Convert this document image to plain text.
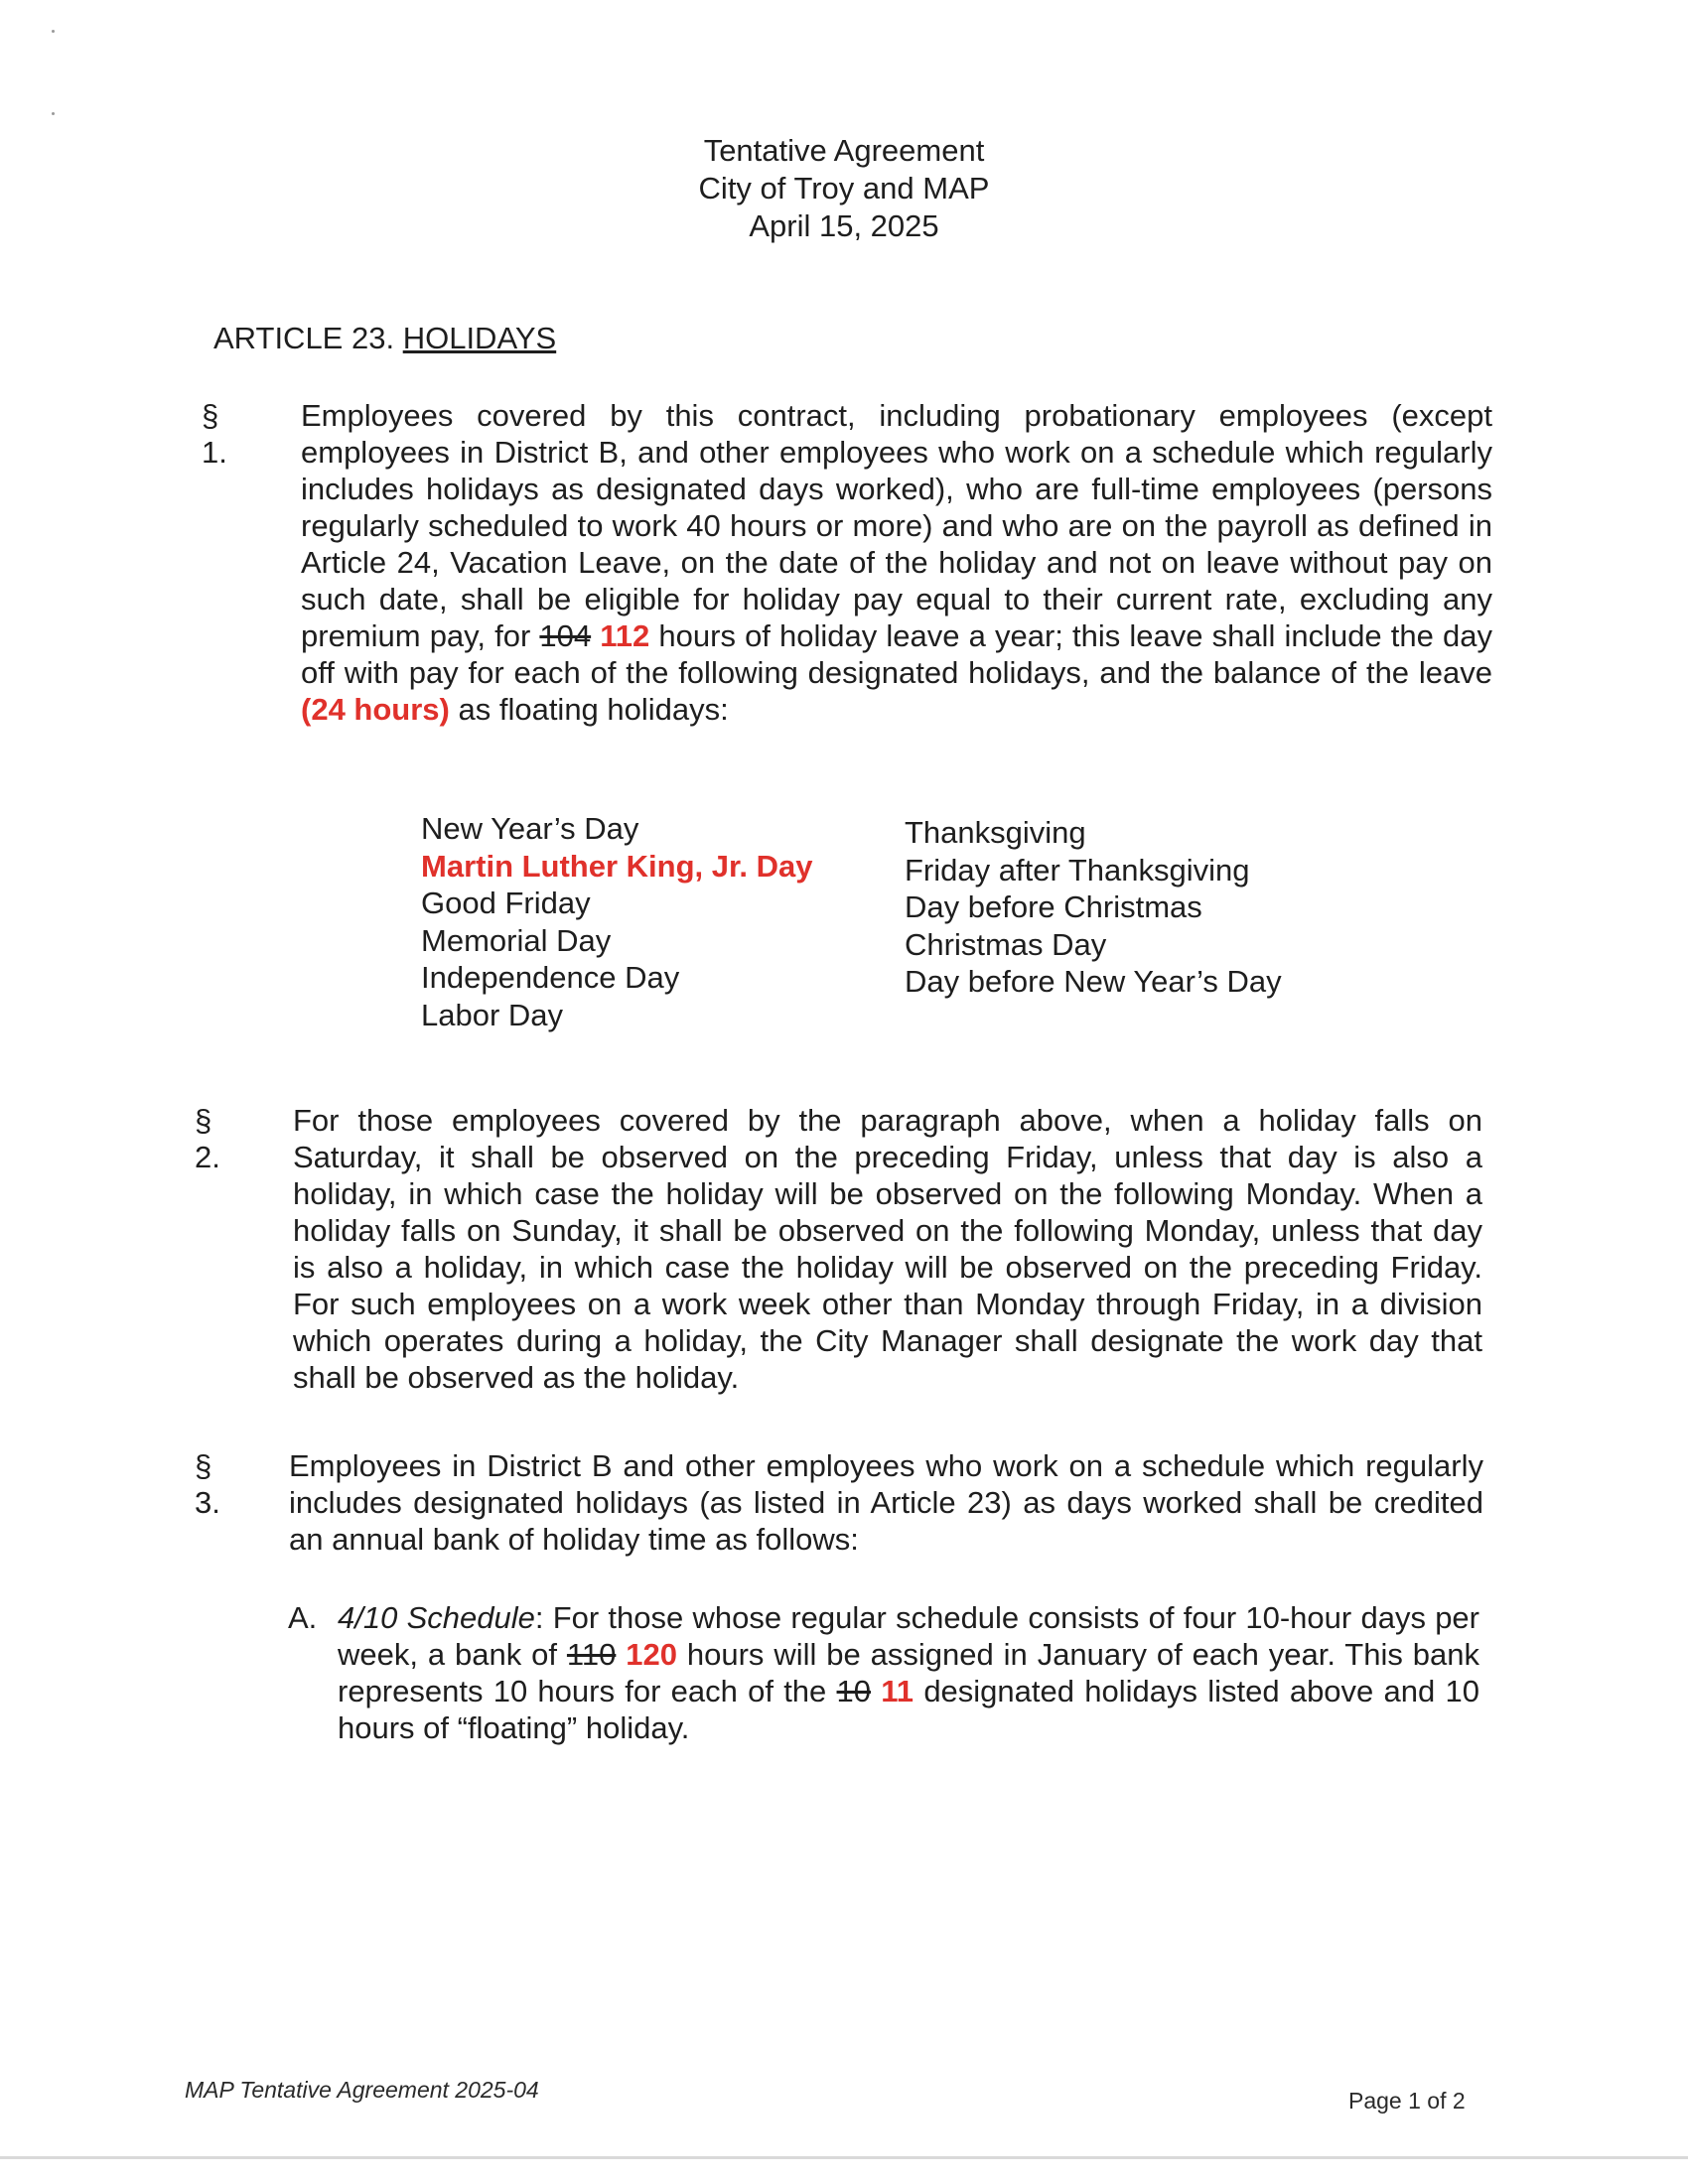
Tentative Agreement
City of Troy and MAP
April 15, 2025
ARTICLE 23. HOLIDAYS
§ 1.
Employees covered by this contract, including probationary employees (except employees in District B, and other employees who work on a schedule which regularly includes holidays as designated days worked), who are full-time employees (persons regularly scheduled to work 40 hours or more) and who are on the payroll as defined in Article 24, Vacation Leave, on the date of the holiday and not on leave without pay on such date, shall be eligible for holiday pay equal to their current rate, excluding any premium pay, for 104 112 hours of holiday leave a year; this leave shall include the day off with pay for each of the following designated holidays, and the balance of the leave (24 hours) as floating holidays:
New Year’s Day
Martin Luther King, Jr. Day
Good Friday
Memorial Day
Independence Day
Labor Day
Thanksgiving
Friday after Thanksgiving
Day before Christmas
Christmas Day
Day before New Year’s Day
§ 2.
For those employees covered by the paragraph above, when a holiday falls on Saturday, it shall be observed on the preceding Friday, unless that day is also a holiday, in which case the holiday will be observed on the following Monday. When a holiday falls on Sunday, it shall be observed on the following Monday, unless that day is also a holiday, in which case the holiday will be observed on the preceding Friday. For such employees on a work week other than Monday through Friday, in a division which operates during a holiday, the City Manager shall designate the work day that shall be observed as the holiday.
§ 3.
Employees in District B and other employees who work on a schedule which regularly includes designated holidays (as listed in Article 23) as days worked shall be credited an annual bank of holiday time as follows:
A. 4/10 Schedule: For those whose regular schedule consists of four 10-hour days per week, a bank of 110 120 hours will be assigned in January of each year. This bank represents 10 hours for each of the 10 11 designated holidays listed above and 10 hours of “floating” holiday.
MAP Tentative Agreement 2025-04	Page 1 of 2
